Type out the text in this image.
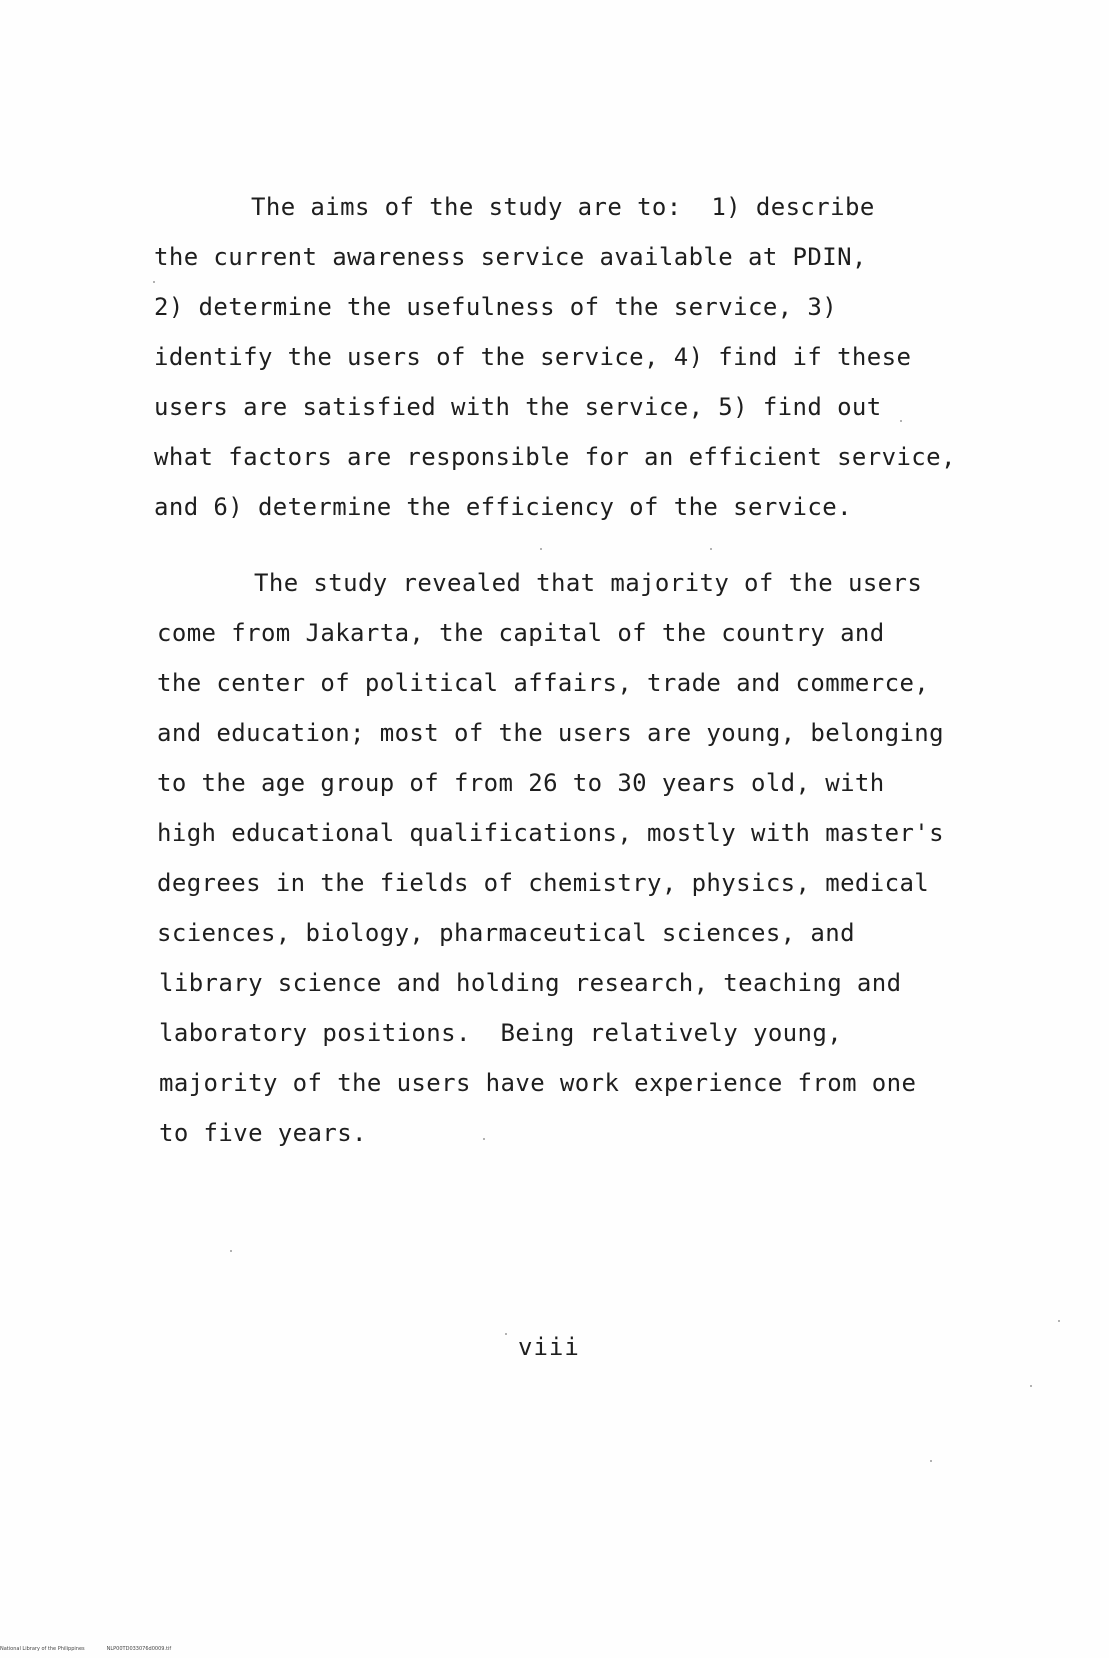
The aims of the study are to:  1) describe
the current awareness service available at PDIN,
2) determine the usefulness of the service, 3)
identify the users of the service, 4) find if these
users are satisfied with the service, 5) find out
what factors are responsible for an efficient service,
and 6) determine the efficiency of the service.
The study revealed that majority of the users
come from Jakarta, the capital of the country and
the center of political affairs, trade and commerce,
and education; most of the users are young, belonging
to the age group of from 26 to 30 years old, with
high educational qualifications, mostly with master's
degrees in the fields of chemistry, physics, medical
sciences, biology, pharmaceutical sciences, and
library science and holding research, teaching and
laboratory positions.  Being relatively young,
majority of the users have work experience from one
to five years.
viii
National Library of the Philippines	NLP00TD033076d0009.tif
